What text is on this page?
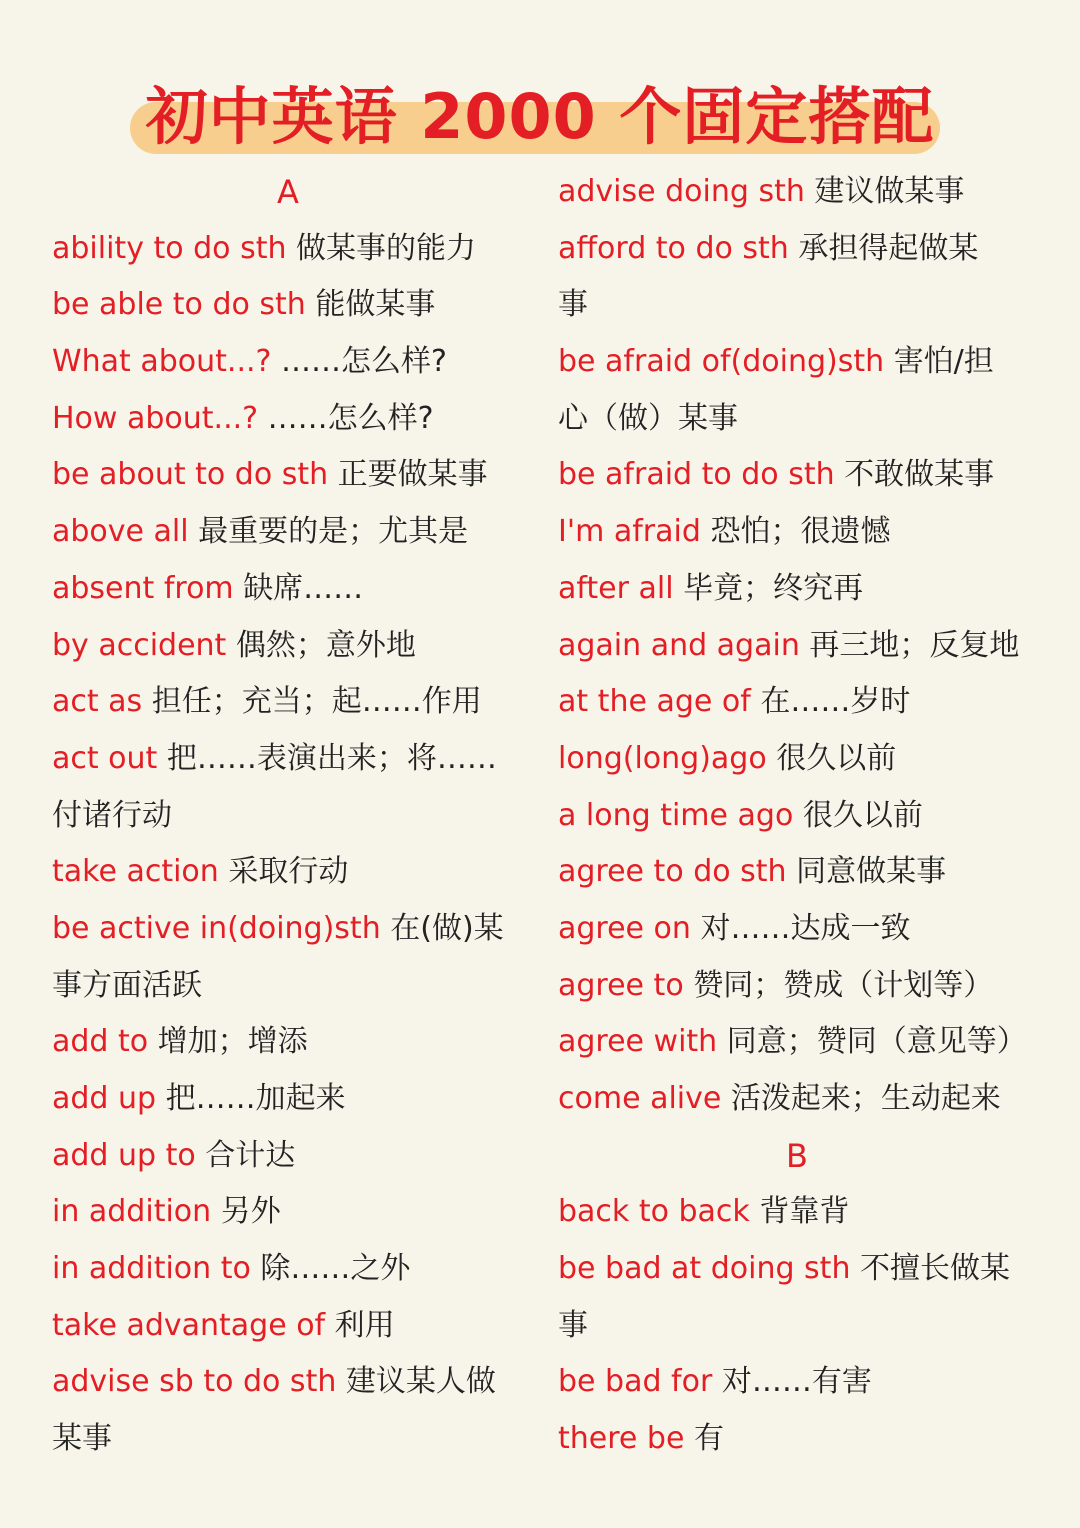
初中英语 2000 个固定搭配
A
ability to do sth 做某事的能力
be able to do sth 能做某事
What about...? ……怎么样?
How about...? ……怎么样?
be about to do sth 正要做某事
above all 最重要的是；尤其是
absent from 缺席……
by accident 偶然；意外地
act as 担任；充当；起……作用
act out 把……表演出来；将……
付诸行动
take action 采取行动
be active in(doing)sth 在(做)某
事方面活跃
add to 增加；增添
add up 把……加起来
add up to 合计达
in addition 另外
in addition to 除……之外
take advantage of 利用
advise sb to do sth 建议某人做
某事
advise doing sth 建议做某事
afford to do sth 承担得起做某
事
be afraid of(doing)sth 害怕/担
心（做）某事
be afraid to do sth 不敢做某事
I'm afraid 恐怕；很遗憾
after all 毕竟；终究再
again and again 再三地；反复地
at the age of 在……岁时
long(long)ago 很久以前
a long time ago 很久以前
agree to do sth 同意做某事
agree on 对……达成一致
agree to 赞同；赞成（计划等）
agree with 同意；赞同（意见等）
come alive 活泼起来；生动起来
B
back to back 背靠背
be bad at doing sth 不擅长做某
事
be bad for 对……有害
there be 有
